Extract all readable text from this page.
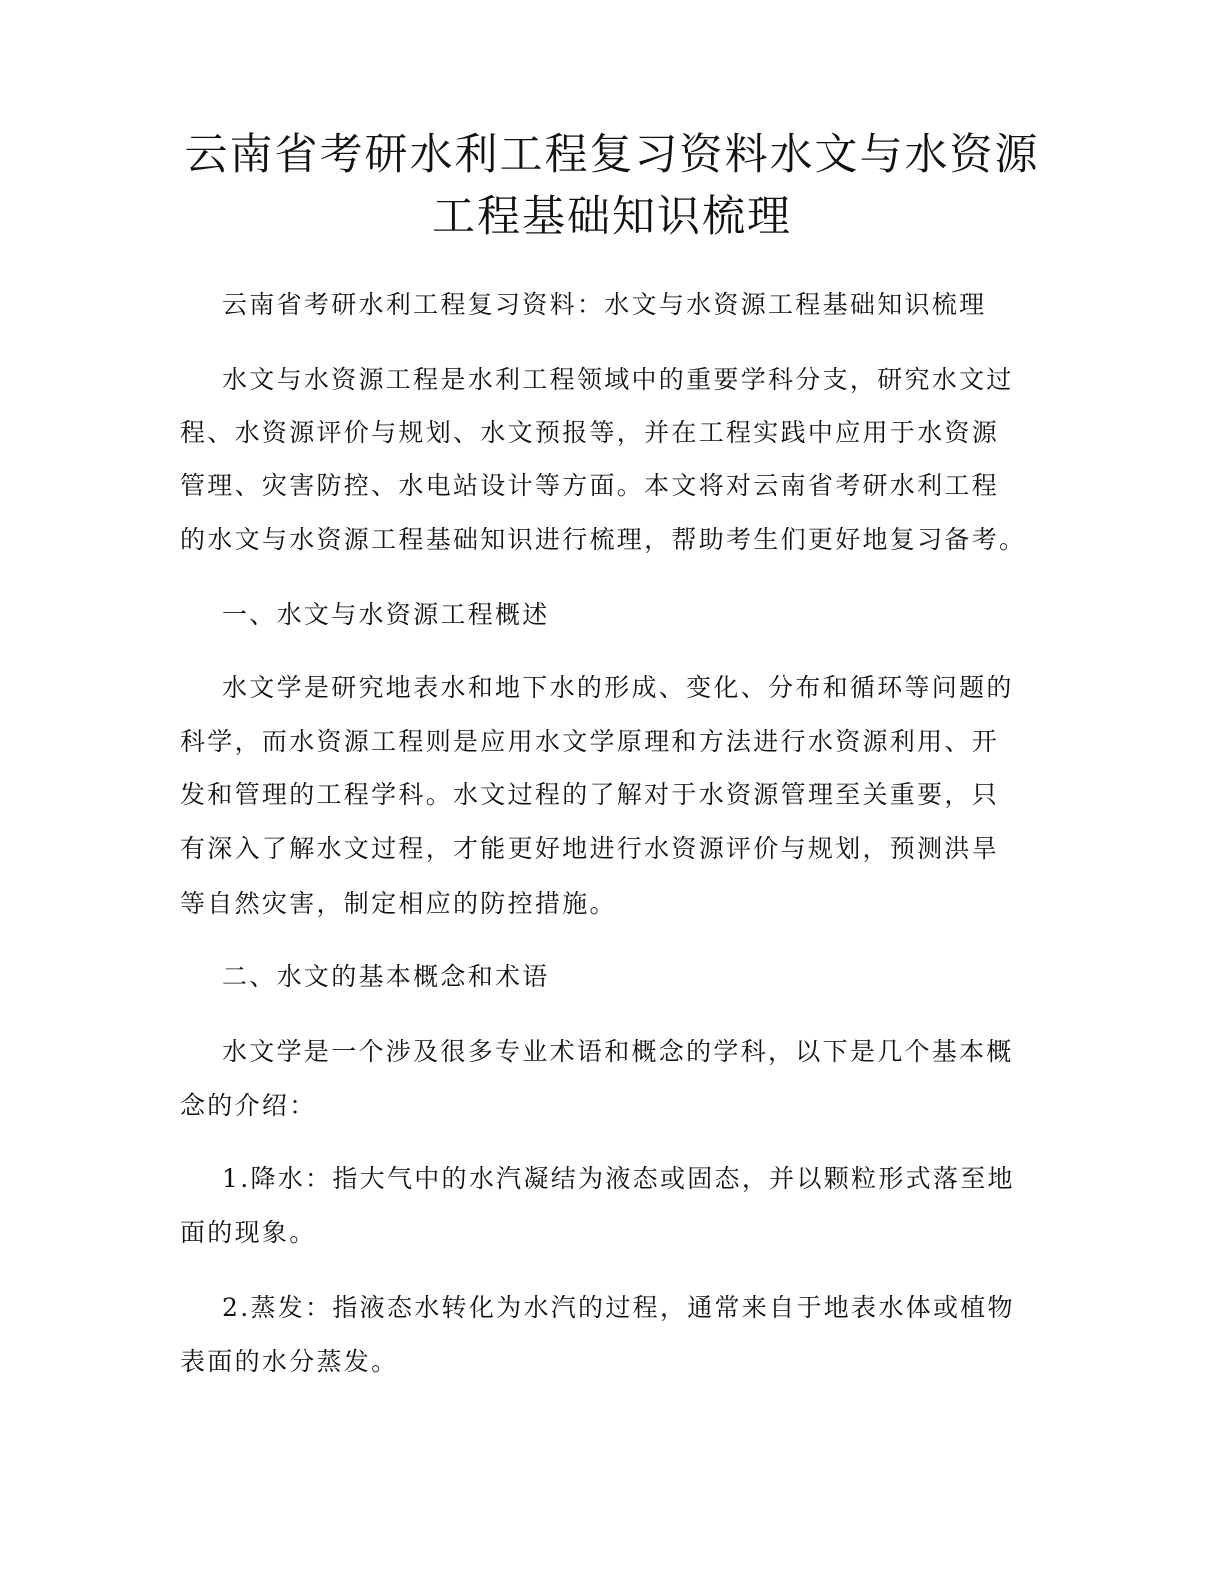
云南省考研水利工程复习资料水文与水资源
工程基础知识梳理

云南省考研水利工程复习资料：水文与水资源工程基础知识梳理

水文与水资源工程是水利工程领域中的重要学科分支，研究水文过

程、水资源评价与规划、水文预报等，并在工程实践中应用于水资源

管理、灾害防控、水电站设计等方面。本文将对云南省考研水利工程

的水文与水资源工程基础知识进行梳理，帮助考生们更好地复习备考。

一、水文与水资源工程概述

水文学是研究地表水和地下水的形成、变化、分布和循环等问题的

科学，而水资源工程则是应用水文学原理和方法进行水资源利用、开

发和管理的工程学科。水文过程的了解对于水资源管理至关重要，只

有深入了解水文过程，才能更好地进行水资源评价与规划，预测洪旱

等自然灾害，制定相应的防控措施。

二、水文的基本概念和术语

水文学是一个涉及很多专业术语和概念的学科，以下是几个基本概

念的介绍：

1.降水：指大气中的水汽凝结为液态或固态，并以颗粒形式落至地

面的现象。

2.蒸发：指液态水转化为水汽的过程，通常来自于地表水体或植物

表面的水分蒸发。
